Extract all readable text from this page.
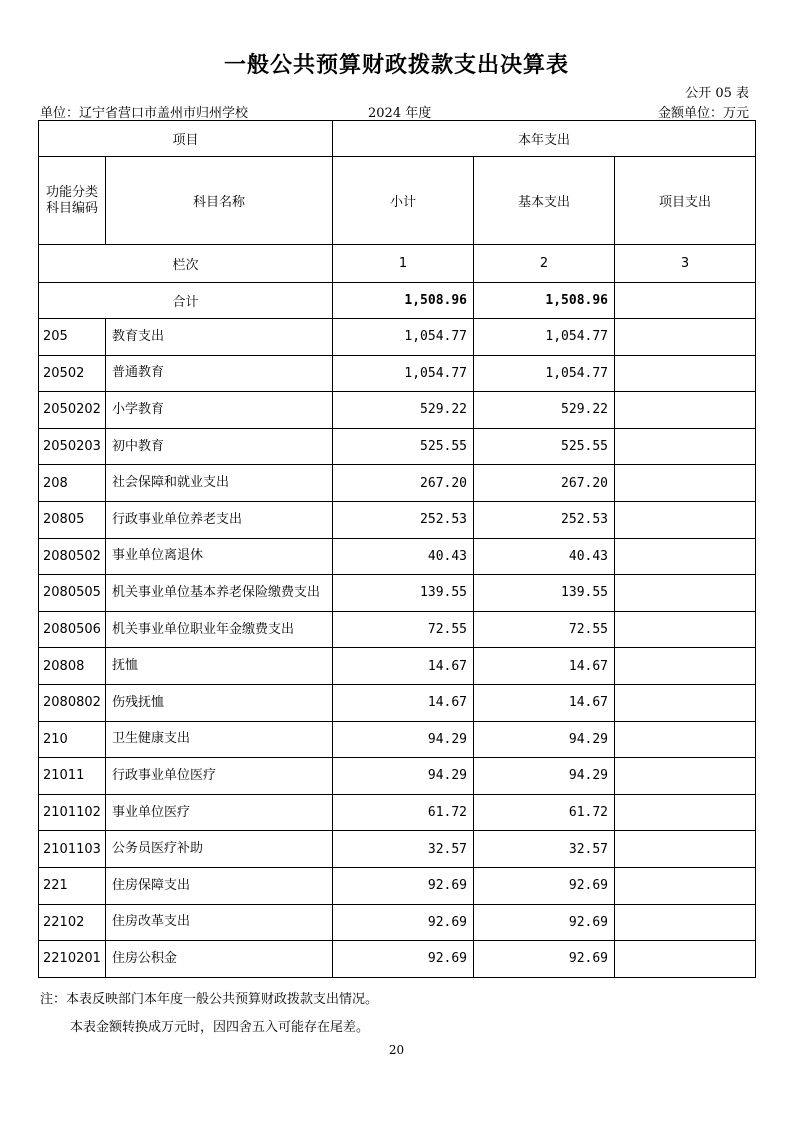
一般公共预算财政拨款支出决算表
公开 05 表
单位：辽宁省营口市盖州市归州学校	2024 年度	金额单位：万元
项目		本年支出		
功能分类科目编码	科目名称	小计	基本支出	项目支出
栏次		1	2	3
合计		1,508.96	1,508.96	
205	教育支出	1,054.77	1,054.77	
20502	普通教育	1,054.77	1,054.77	
2050202	小学教育	529.22	529.22	
2050203	初中教育	525.55	525.55	
208	社会保障和就业支出	267.20	267.20	
20805	行政事业单位养老支出	252.53	252.53	
2080502	事业单位离退休	40.43	40.43	
2080505	机关事业单位基本养老保险缴费支出	139.55	139.55	
2080506	机关事业单位职业年金缴费支出	72.55	72.55	
20808	抚恤	14.67	14.67	
2080802	伤残抚恤	14.67	14.67	
210	卫生健康支出	94.29	94.29	
21011	行政事业单位医疗	94.29	94.29	
2101102	事业单位医疗	61.72	61.72	
2101103	公务员医疗补助	32.57	32.57	
221	住房保障支出	92.69	92.69	
22102	住房改革支出	92.69	92.69	
2210201	住房公积金	92.69	92.69	
注：本表反映部门本年度一般公共预算财政拨款支出情况。
本表金额转换成万元时，因四舍五入可能存在尾差。
20
